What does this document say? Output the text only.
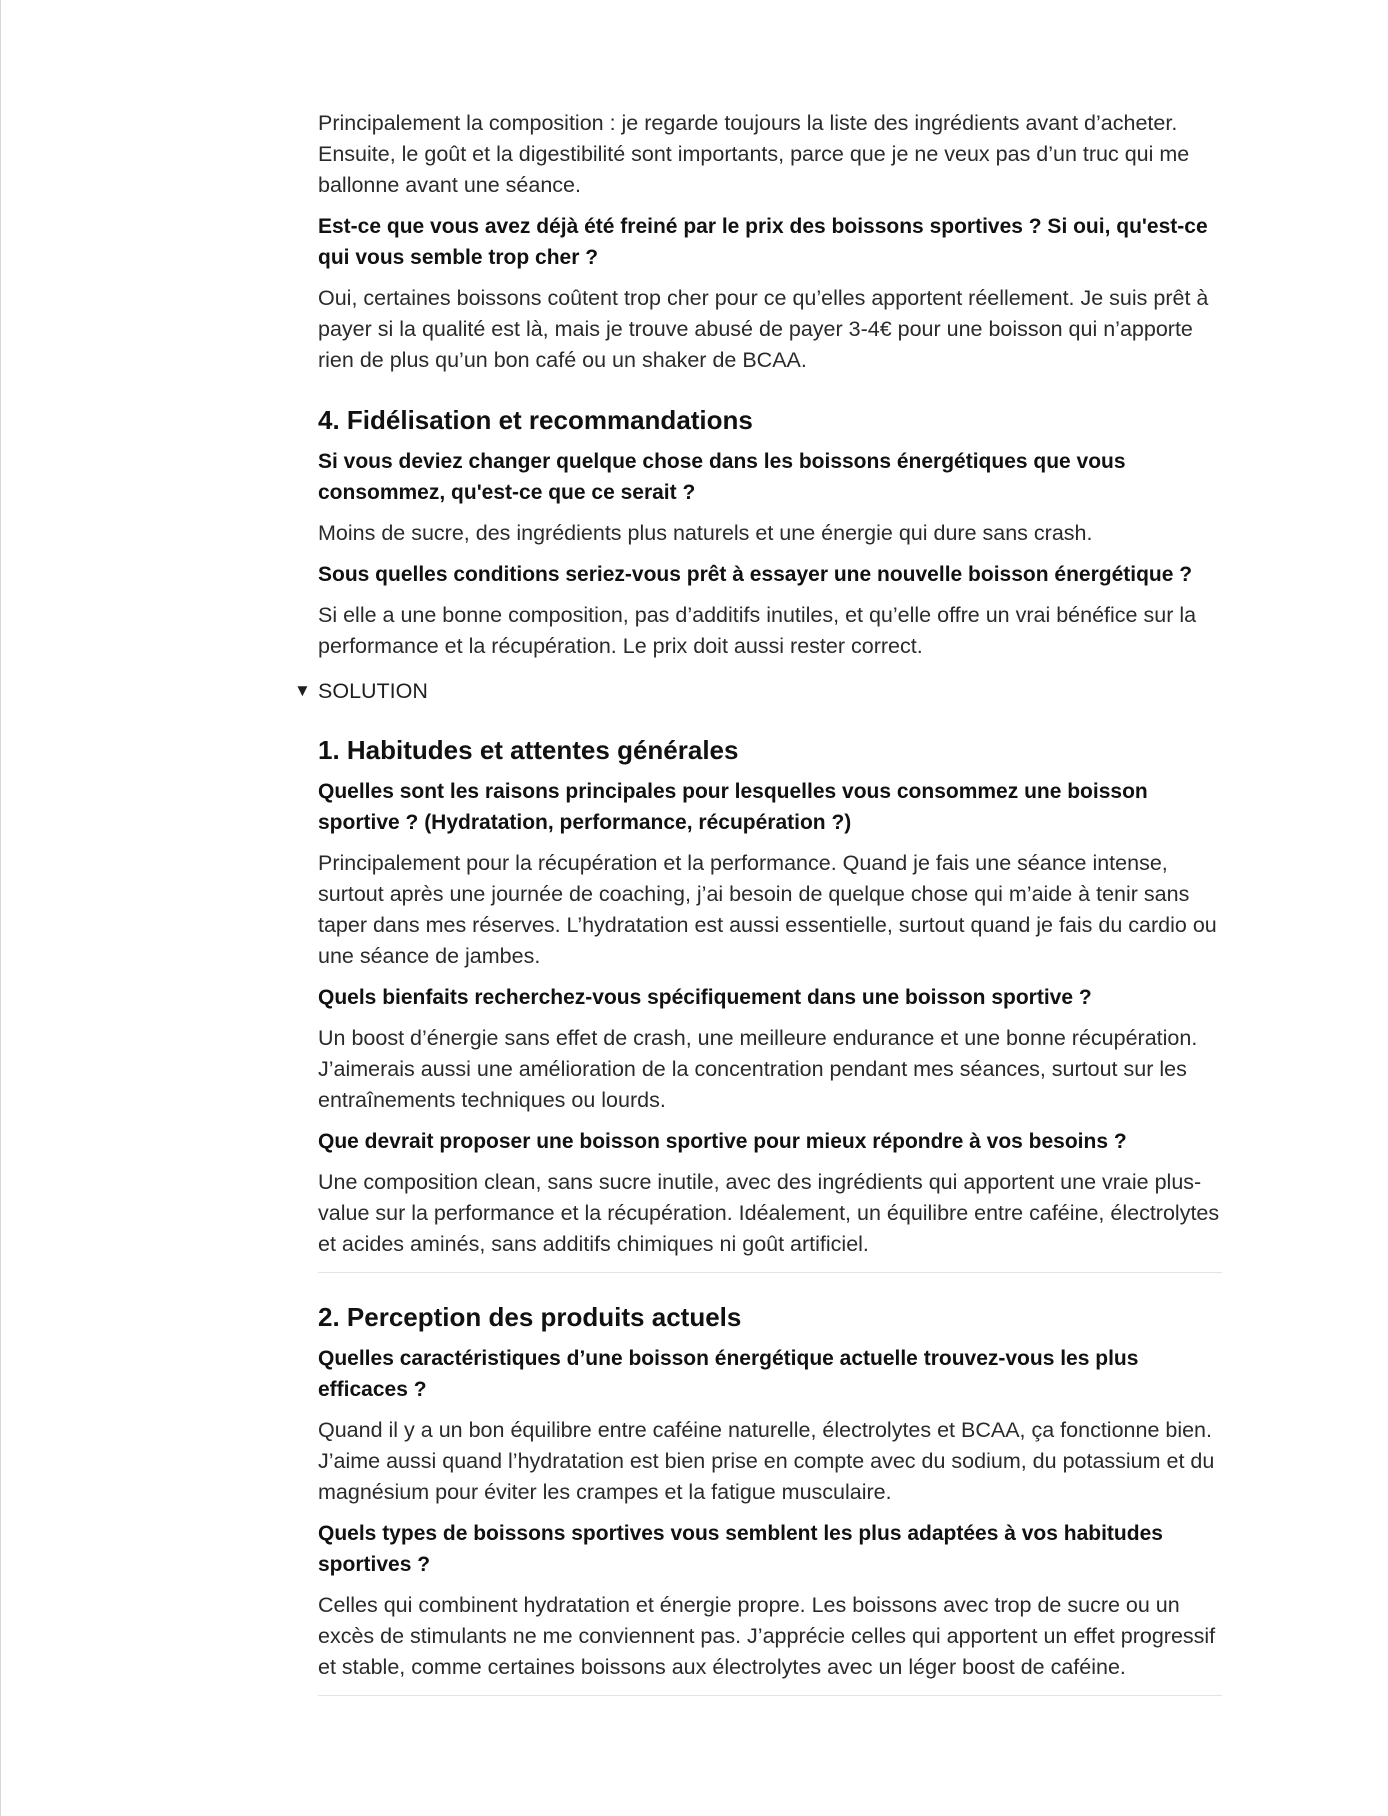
Principalement la composition : je regarde toujours la liste des ingrédients avant d’acheter. Ensuite, le goût et la digestibilité sont importants, parce que je ne veux pas d’un truc qui me ballonne avant une séance.

Est-ce que vous avez déjà été freiné par le prix des boissons sportives ? Si oui, qu'est-ce qui vous semble trop cher ?

Oui, certaines boissons coûtent trop cher pour ce qu’elles apportent réellement. Je suis prêt à payer si la qualité est là, mais je trouve abusé de payer 3-4€ pour une boisson qui n’apporte rien de plus qu’un bon café ou un shaker de BCAA.

4. Fidélisation et recommandations

Si vous deviez changer quelque chose dans les boissons énergétiques que vous consommez, qu'est-ce que ce serait ?

Moins de sucre, des ingrédients plus naturels et une énergie qui dure sans crash.

Sous quelles conditions seriez-vous prêt à essayer une nouvelle boisson énergétique ?

Si elle a une bonne composition, pas d’additifs inutiles, et qu’elle offre un vrai bénéfice sur la performance et la récupération. Le prix doit aussi rester correct.

▼ SOLUTION
1. Habitudes et attentes générales

Quelles sont les raisons principales pour lesquelles vous consommez une boisson sportive ? (Hydratation, performance, récupération ?)

Principalement pour la récupération et la performance. Quand je fais une séance intense, surtout après une journée de coaching, j’ai besoin de quelque chose qui m’aide à tenir sans taper dans mes réserves. L’hydratation est aussi essentielle, surtout quand je fais du cardio ou une séance de jambes.

Quels bienfaits recherchez-vous spécifiquement dans une boisson sportive ?

Un boost d’énergie sans effet de crash, une meilleure endurance et une bonne récupération. J’aimerais aussi une amélioration de la concentration pendant mes séances, surtout sur les entraînements techniques ou lourds.

Que devrait proposer une boisson sportive pour mieux répondre à vos besoins ?

Une composition clean, sans sucre inutile, avec des ingrédients qui apportent une vraie plus-value sur la performance et la récupération. Idéalement, un équilibre entre caféine, électrolytes et acides aminés, sans additifs chimiques ni goût artificiel.

2. Perception des produits actuels

Quelles caractéristiques d’une boisson énergétique actuelle trouvez-vous les plus efficaces ?

Quand il y a un bon équilibre entre caféine naturelle, électrolytes et BCAA, ça fonctionne bien. J’aime aussi quand l’hydratation est bien prise en compte avec du sodium, du potassium et du magnésium pour éviter les crampes et la fatigue musculaire.

Quels types de boissons sportives vous semblent les plus adaptées à vos habitudes sportives ?

Celles qui combinent hydratation et énergie propre. Les boissons avec trop de sucre ou un excès de stimulants ne me conviennent pas. J’apprécie celles qui apportent un effet progressif et stable, comme certaines boissons aux électrolytes avec un léger boost de caféine.
